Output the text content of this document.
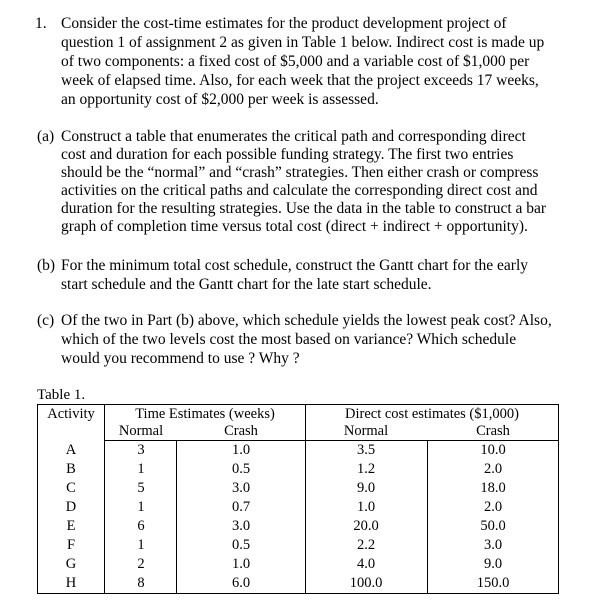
1. Consider the cost-time estimates for the product development project of
question 1 of assignment 2 as given in Table 1 below. Indirect cost is made up
of two components: a fixed cost of $5,000 and a variable cost of $1,000 per
week of elapsed time. Also, for each week that the project exceeds 17 weeks,
an opportunity cost of $2,000 per week is assessed.
(a) Construct a table that enumerates the critical path and corresponding direct
cost and duration for each possible funding strategy. The first two entries
should be the “normal” and “crash” strategies. Then either crash or compress
activities on the critical paths and calculate the corresponding direct cost and
duration for the resulting strategies. Use the data in the table to construct a bar
graph of completion time versus total cost (direct + indirect + opportunity).
(b) For the minimum total cost schedule, construct the Gantt chart for the early
start schedule and the Gantt chart for the late start schedule.
(c) Of the two in Part (b) above, which schedule yields the lowest peak cost? Also,
which of the two levels cost the most based on variance? Which schedule
would you recommend to use ? Why ?
Table 1.
Activity	Time Estimates (weeks)	Direct cost estimates ($1,000)
Normal	Crash	Normal	Crash
A	3	1.0	3.5	10.0
B	1	0.5	1.2	2.0
C	5	3.0	9.0	18.0
D	1	0.7	1.0	2.0
E	6	3.0	20.0	50.0
F	1	0.5	2.2	3.0
G	2	1.0	4.0	9.0
H	8	6.0	100.0	150.0
